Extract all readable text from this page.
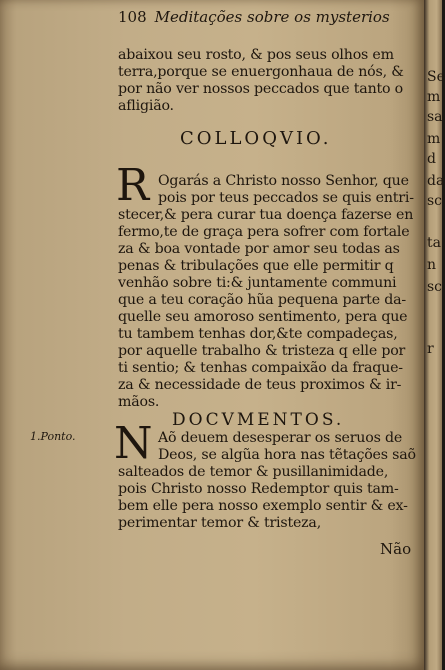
108 Meditações sobre os mysterios
abaixou seu rosto, & pos seus olhos em
terra,porque se enuergonhaua de nós, &
por não ver nossos peccados que tanto o
afligião.
COLLOQVIO.
R Ogarás a Christo nosso Senhor, que
pois por teus peccados se quis entri-
stecer,& pera curar tua doença fazerse en
fermo,te de graça pera sofrer com fortale
za & boa vontade por amor seu todas as
penas & tribulações que elle permitir q
venhão sobre ti:& juntamente communi
que a teu coração hũa pequena parte da-
quelle seu amoroso sentimento, pera que
tu tambem tenhas dor,&te compadeças,
por aquelle trabalho & tristeza q elle por
ti sentio; & tenhas compaixão da fraque-
za & necessidade de teus proximos & ir-
mãos.
DOCVMENTOS.
1.Ponto. N Aõ deuem desesperar os seruos de
Deos, se algũa hora nas tẽtações saõ
salteados de temor & pusillanimidade,
pois Christo nosso Redemptor quis tam-
bem elle pera nosso exemplo sentir & ex-
perimentar temor & tristeza,
Não
Se
m
sa
m
d
da
sc
ta
n
sc
r
